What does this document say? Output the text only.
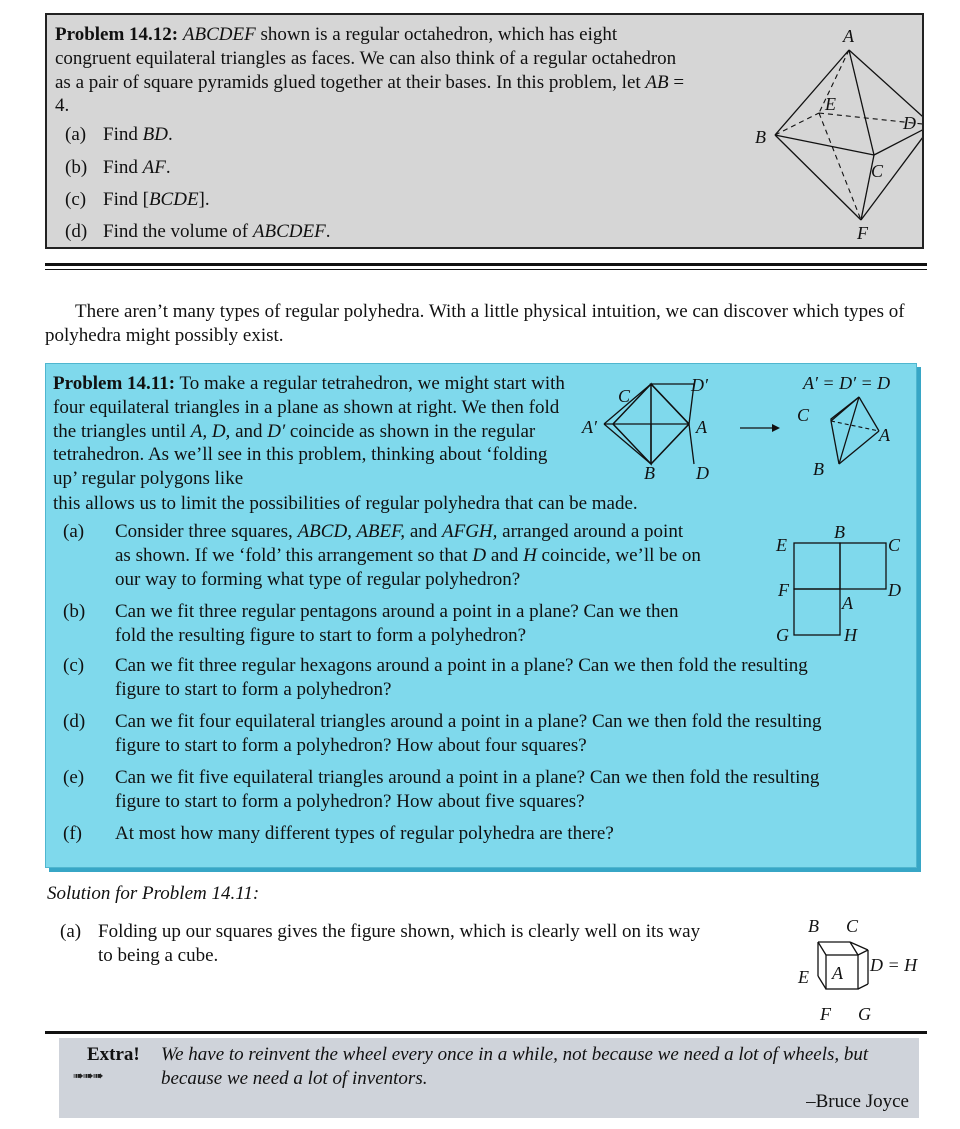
Problem 14.12: ABCDEF shown is a regular octahedron, which has eight congruent equilateral triangles as faces. We can also think of a regular octahedron as a pair of square pyramids glued together at their bases. In this problem, let AB = 4.
(a) Find BD.
(b) Find AF.
(c) Find [BCDE].
(d) Find the volume of ABCDEF.
A
B
E
C
D
F
There aren’t many types of regular polyhedra. With a little physical intuition, we can discover which types of polyhedra might possibly exist.
Problem 14.11: To make a regular tetrahedron, we might start with four equilateral triangles in a plane as shown at right. We then fold the triangles until A, D, and D′ coincide as shown in the regular tetrahedron. As we’ll see in this problem, thinking about ‘folding up’ regular polygons like
this allows us to limit the possibilities of regular polyhedra that can be made.
C
D′
A′	A
B D
A′ = D′ = D
C
A
B
(a) Consider three squares, ABCD, ABEF, and AFGH, arranged around a point
as shown. If we ‘fold’ this arrangement so that D and H coincide, we’ll be on
our way to forming what type of regular polyhedron?
(b) Can we fit three regular pentagons around a point in a plane? Can we then
fold the resulting figure to start to form a polyhedron?
(c) Can we fit three regular hexagons around a point in a plane? Can we then fold the resulting
figure to start to form a polyhedron?
(d) Can we fit four equilateral triangles around a point in a plane? Can we then fold the resulting
figure to start to form a polyhedron? How about four squares?
(e) Can we fit five equilateral triangles around a point in a plane? Can we then fold the resulting
figure to start to form a polyhedron? How about five squares?
(f) At most how many different types of regular polyhedra are there?
B
C
E
D
F
A
G	H
Solution for Problem 14.11:
(a) Folding up our squares gives the figure shown, which is clearly well on its way
to being a cube.
B C
E A D = H
F G
Extra!
➠➠➠
We have to reinvent the wheel every once in a while, not because we need a lot of wheels, but
because we need a lot of inventors.
–Bruce Joyce
